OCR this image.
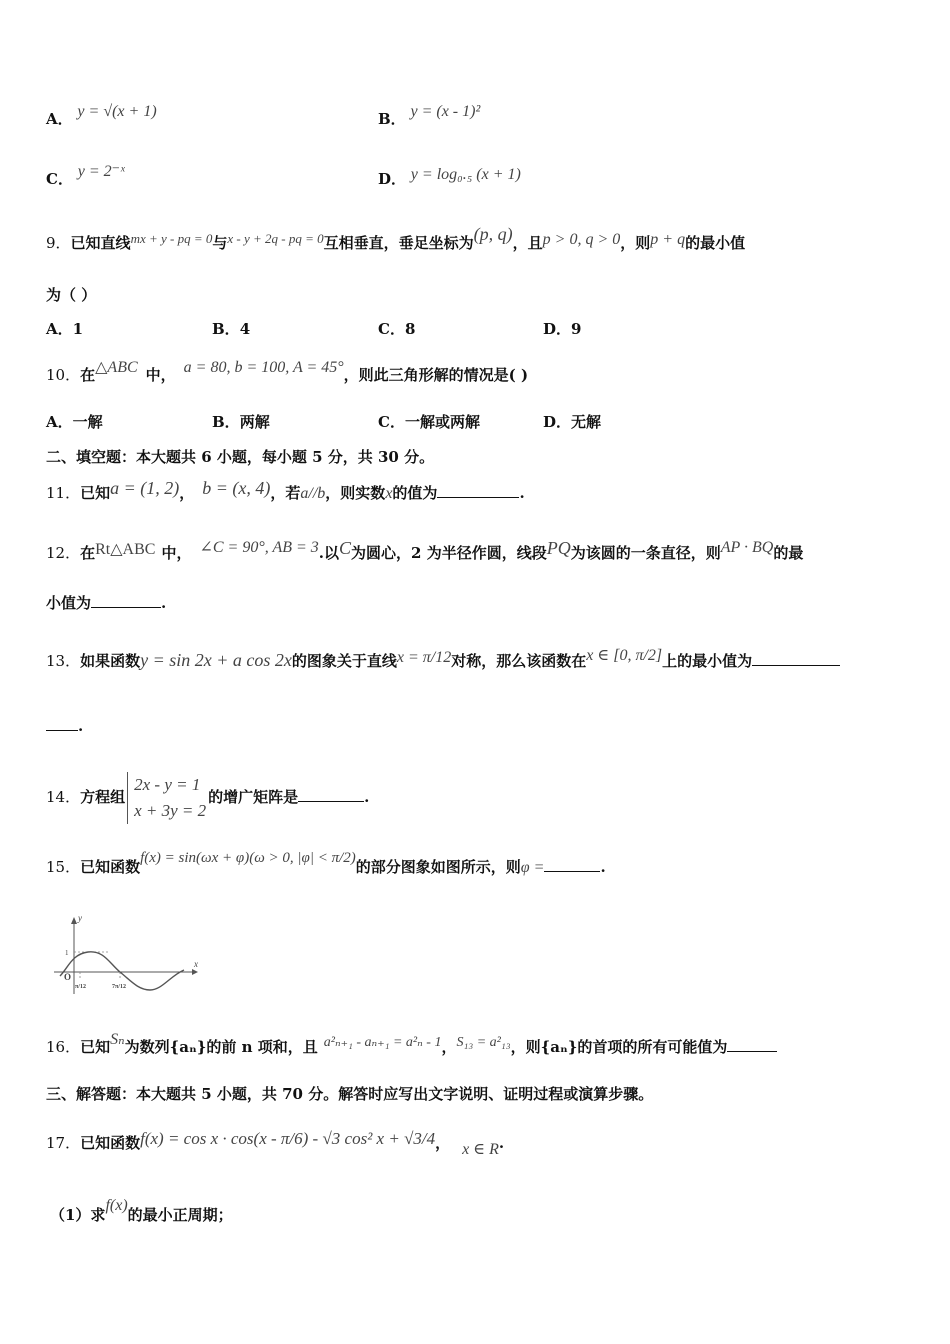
A． y = √(x + 1)	B． y = (x - 1)²
C． y = 2⁻ˣ	D． y = log₀.₅ (x + 1)
9．已知直线mx + y - pq = 0与x - y + 2q - pq = 0互相垂直，垂足坐标为(p, q)，且p > 0, q > 0，则p + q的最小值
为（ ）
A．1	B．4	C．8	D．9
10．在△ABC 中， a = 80, b = 100, A = 45°，则此三角形解的情况是( )
A．一解	B．两解	C．一解或两解	D．无解
二、填空题：本大题共 6 小题，每小题 5 分，共 30 分。
11．已知a = (1, 2)， b = (x, 4)，若a//b，则实数x的值为	.
12．在Rt△ABC 中， ∠C = 90°, AB = 3.以C为圆心，2 为半径作圆，线段PQ为该圆的一条直径，则AP · BQ的最
小值为	.
13．如果函数y = sin 2x + a cos 2x的图象关于直线x = π/12对称，那么该函数在x ∈ [0, π/2]上的最小值为
.
14．方程组
2x - y = 1
x + 3y = 2
的增广矩阵是	.
15．已知函数f(x) = sin(ωx + φ)(ω > 0, |φ| < π/2)的部分图象如图所示，则φ =	.
y
x
O
1
π/12	7π/12
16．已知Sₙ为数列{aₙ}的前 n 项和，且 a²ₙ₊₁ - aₙ₊₁ = a²ₙ - 1，S₁₃ = a²₁₃，则{aₙ}的首项的所有可能值为
三、解答题：本大题共 5 小题，共 70 分。解答时应写出文字说明、证明过程或演算步骤。
17．已知函数f(x) = cos x · cos(x - π/6) - √3 cos² x + √3/4， x ∈ R.
（1）求f(x)的最小正周期；
